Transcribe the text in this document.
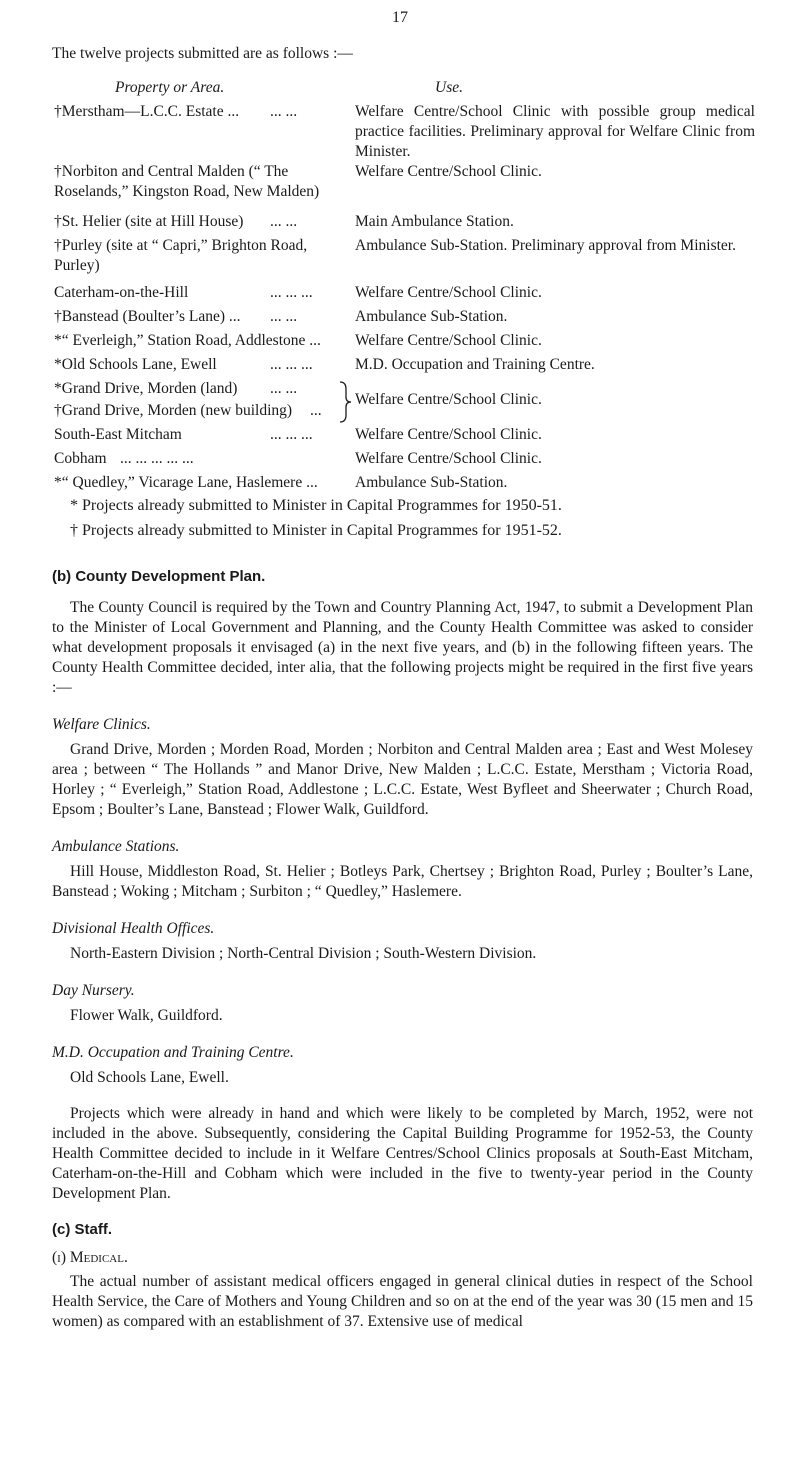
17
The twelve projects submitted are as follows :—
Property or Area.	Use.
†Merstham—L.C.C. Estate ...	... ...	Welfare Centre/School Clinic with possible group medical practice facilities. Preliminary approval for Welfare Clinic from Minister.
†Norbiton and Central Malden (“ The
Roselands,” Kingston Road, New Malden)
Welfare Centre/School Clinic.
†St. Helier (site at Hill House)	... ...	Main Ambulance Station.
†Purley (site at “ Capri,” Brighton Road,
Purley)
Ambulance Sub-Station. Preliminary approval from Minister.
Caterham-on-the-Hill	... ... ...	Welfare Centre/School Clinic.
†Banstead (Boulter’s Lane) ...	... ...	Ambulance Sub-Station.
*“ Everleigh,” Station Road, Addlestone ...	Welfare Centre/School Clinic.
*Old Schools Lane, Ewell	... ... ...	M.D. Occupation and Training Centre.
*Grand Drive, Morden (land)	... ...
†Grand Drive, Morden (new building)	...
Welfare Centre/School Clinic.
South-East Mitcham	... ... ...	Welfare Centre/School Clinic.
Cobham ... ... ... ... ...	Welfare Centre/School Clinic.
*“ Quedley,” Vicarage Lane, Haslemere ...	Ambulance Sub-Station.
* Projects already submitted to Minister in Capital Programmes for 1950-51.
† Projects already submitted to Minister in Capital Programmes for 1951-52.
(b) County Development Plan.
The County Council is required by the Town and Country Planning Act, 1947, to submit a Development Plan to the Minister of Local Government and Planning, and the County Health Committee was asked to consider what development proposals it envisaged (a) in the next five years, and (b) in the following fifteen years. The County Health Committee decided, inter alia, that the following projects might be required in the first five years :—
Welfare Clinics.
Grand Drive, Morden ; Morden Road, Morden ; Norbiton and Central Malden area ; East and West Molesey area ; between “ The Hollands ” and Manor Drive, New Malden ; L.C.C. Estate, Merstham ; Victoria Road, Horley ; “ Everleigh,” Station Road, Addlestone ; L.C.C. Estate, West Byfleet and Sheerwater ; Church Road, Epsom ; Boulter’s Lane, Banstead ; Flower Walk, Guildford.
Ambulance Stations.
Hill House, Middleston Road, St. Helier ; Botleys Park, Chertsey ; Brighton Road, Purley ; Boulter’s Lane, Banstead ; Woking ; Mitcham ; Surbiton ; “ Quedley,” Haslemere.
Divisional Health Offices.
North-Eastern Division ; North-Central Division ; South-Western Division.
Day Nursery.
Flower Walk, Guildford.
M.D. Occupation and Training Centre.
Old Schools Lane, Ewell.
Projects which were already in hand and which were likely to be completed by March, 1952, were not included in the above. Subsequently, considering the Capital Building Programme for 1952-53, the County Health Committee decided to include in it Welfare Centres/School Clinics proposals at South-East Mitcham, Caterham-on-the-Hill and Cobham which were included in the five to twenty-year period in the County Development Plan.
(c) Staff.
(i) Medical.
The actual number of assistant medical officers engaged in general clinical duties in respect of the School Health Service, the Care of Mothers and Young Children and so on at the end of the year was 30 (15 men and 15 women) as compared with an establishment of 37. Extensive use of medical
